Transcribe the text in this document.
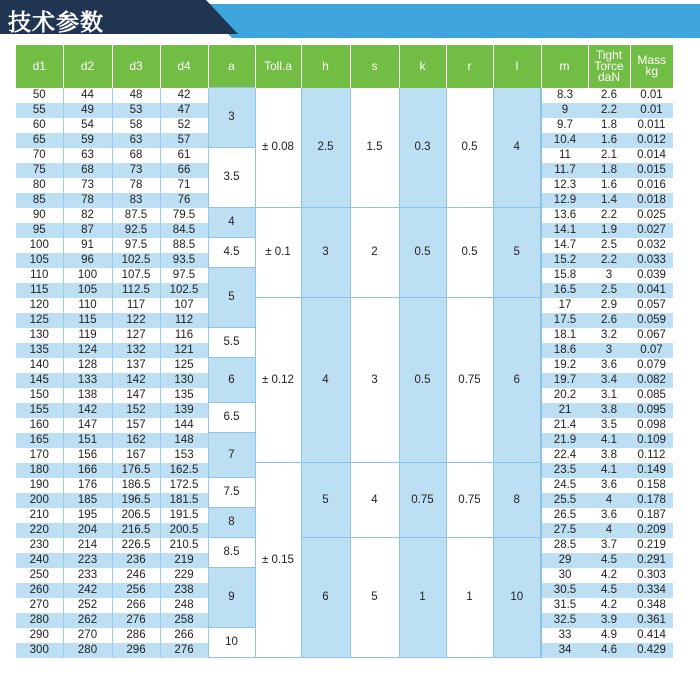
技术参数
d1	d2	d3	d4	a	Toll.a	h	s	k	r	l	m	Tight Torce daN	Mass kg
50	44	48	42	3	± 0.08	2.5	1.5	0.3	0.5	4	8.3	2.6	0.01
55	49	53	47								9	2.2	0.01
60	54	58	52								9.7	1.8	0.011
65	59	63	57								10.4	1.6	0.012
70	63	68	61	3.5							11	2.1	0.014
75	68	73	66								11.7	1.8	0.015
80	73	78	71								12.3	1.6	0.016
85	78	83	76								12.9	1.4	0.018
90	82	87.5	79.5	4	± 0.1	3	2	0.5	0.5	5	13.6	2.2	0.025
95	87	92.5	84.5								14.1	1.9	0.027
100	91	97.5	88.5	4.5							14.7	2.5	0.032
105	96	102.5	93.5								15.2	2.2	0.033
110	100	107.5	97.5	5							15.8	3	0.039
115	105	112.5	102.5								16.5	2.5	0.041
120	110	117	107		± 0.12	4	3	0.5	0.75	6	17	2.9	0.057
125	115	122	112								17.5	2.6	0.059
130	119	127	116	5.5							18.1	3.2	0.067
135	124	132	121								18.6	3	0.07
140	128	137	125	6							19.2	3.6	0.079
145	133	142	130								19.7	3.4	0.082
150	138	147	135								20.2	3.1	0.085
155	142	152	139	6.5							21	3.8	0.095
160	147	157	144								21.4	3.5	0.098
165	151	162	148	7							21.9	4.1	0.109
170	156	167	153								22.4	3.8	0.112
180	166	176.5	162.5		± 0.15	5	4	0.75	0.75	8	23.5	4.1	0.149
190	176	186.5	172.5	7.5							24.5	3.6	0.158
200	185	196.5	181.5								25.5	4	0.178
210	195	206.5	191.5	8							26.5	3.6	0.187
220	204	216.5	200.5								27.5	4	0.209
230	214	226.5	210.5	8.5		6	5	1	1	10	28.5	3.7	0.219
240	223	236	219								29	4.5	0.291
250	233	246	229	9							30	4.2	0.303
260	242	256	238								30.5	4.5	0.334
270	252	266	248								31.5	4.2	0.348
280	262	276	258								32.5	3.9	0.361
290	270	286	266	10							33	4.9	0.414
300	280	296	276								34	4.6	0.429
